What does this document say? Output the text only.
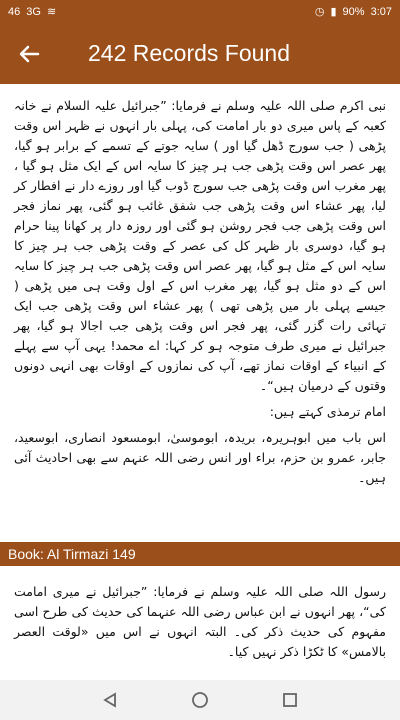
46 3G ≋	◷ ▮ 90% 3:07
242 Records Found

نبی اکرم صلی اللہ علیہ وسلم نے فرمایا: ”جبرائیل علیہ السلام نے خانہ کعبہ کے پاس میری دو بار امامت کی، پہلی بار انہوں نے ظہر اس وقت پڑھی ( جب سورج ڈھل گیا اور ) سایہ جوتے کے تسمے کے برابر ہو گیا، پھر عصر اس وقت پڑھی جب ہر چیز کا سایہ اس کے ایک مثل ہو گیا ، پھر مغرب اس وقت پڑھی جب سورج ڈوب گیا اور روزے دار نے افطار کر لیا، پھر عشاء اس وقت پڑھی جب شفق غائب ہو گئی، پھر نماز فجر اس وقت پڑھی جب فجر روشن ہو گئی اور روزہ دار پر کھانا پینا حرام ہو گیا، دوسری بار ظہر کل کی عصر کے وقت پڑھی جب ہر چیز کا سایہ اس کے مثل ہو گیا، پھر عصر اس وقت پڑھی جب ہر چیز کا سایہ اس کے دو مثل ہو گیا، پھر مغرب اس کے اول وقت ہی میں پڑھی ( جیسے پہلی بار میں پڑھی تھی ) پھر عشاء اس وقت پڑھی جب ایک تہائی رات گزر گئی، پھر فجر اس وقت پڑھی جب اجالا ہو گیا، پھر جبرائیل نے میری طرف متوجہ ہو کر کہا: اے محمد! یہی آپ سے پہلے کے انبیاء کے اوقات نماز تھے، آپ کی نمازوں کے اوقات بھی انہی دونوں وقتوں کے درمیان ہیں“۔

امام ترمذی کہتے ہیں:

اس باب میں ابوہریرہ، بریدہ، ابوموسیٰ، ابومسعود انصاری، ابوسعید، جابر، عمرو بن حزم، براء اور انس رضی اللہ عنہم سے بھی احادیث آئی ہیں۔

Book: Al Tirmazi 149

رسول اللہ صلی اللہ علیہ وسلم نے فرمایا: ”جبرائیل نے میری امامت کی“، پھر انہوں نے ابن عباس رضی اللہ عنہما کی حدیث کی طرح اسی مفہوم کی حدیث ذکر کی۔ البتہ انہوں نے اس میں «لوقت العصر بالامس» کا ٹکڑا ذکر نہیں کیا۔
